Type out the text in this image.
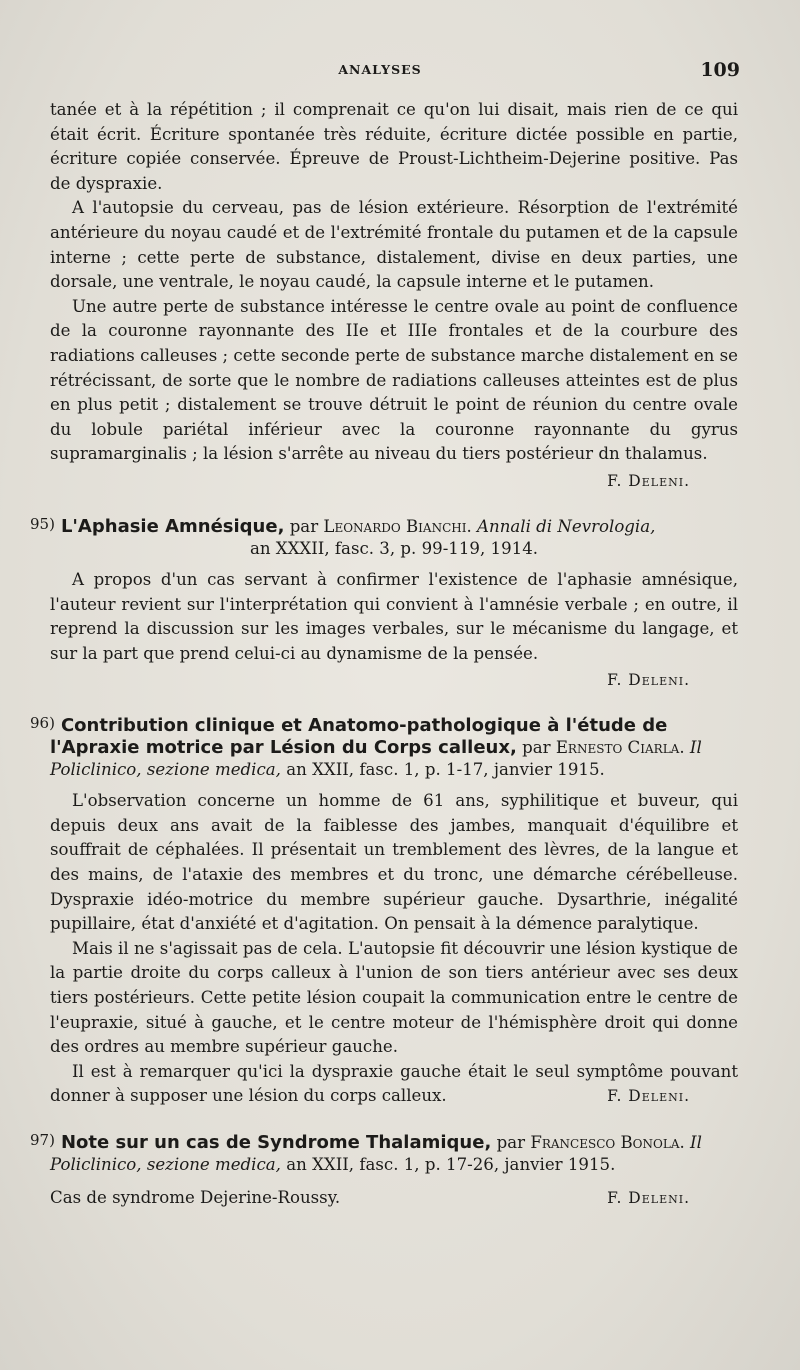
ANALYSES	109

tanée et à la répétition ; il comprenait ce qu'on lui disait, mais rien de ce qui était écrit. Écriture spontanée très réduite, écriture dictée possible en partie, écriture copiée conservée. Épreuve de Proust-Lichtheim-Dejerine positive. Pas de dyspraxie.

A l'autopsie du cerveau, pas de lésion extérieure. Résorption de l'extrémité antérieure du noyau caudé et de l'extrémité frontale du putamen et de la capsule interne ; cette perte de substance, distalement, divise en deux parties, une dorsale, une ventrale, le noyau caudé, la capsule interne et le putamen.

Une autre perte de substance intéresse le centre ovale au point de confluence de la couronne rayonnante des IIe et IIIe frontales et de la courbure des radiations calleuses ; cette seconde perte de substance marche distalement en se rétrécissant, de sorte que le nombre de radiations calleuses atteintes est de plus en plus petit ; distalement se trouve détruit le point de réunion du centre ovale du lobule pariétal inférieur avec la couronne rayonnante du gyrus supramarginalis ; la lésion s'arrête au niveau du tiers postérieur dn thalamus.

F. Deleni.
95) L'Aphasie Amnésique, par Leonardo Bianchi. Annali di Nevrologia,
an XXXII, fasc. 3, p. 99-119, 1914.

A propos d'un cas servant à confirmer l'existence de l'aphasie amnésique, l'auteur revient sur l'interprétation qui convient à l'amnésie verbale ; en outre, il reprend la discussion sur les images verbales, sur le mécanisme du langage, et sur la part que prend celui-ci au dynamisme de la pensée.

F. Deleni.
96) Contribution clinique et Anatomo-pathologique à l'étude de l'Apraxie motrice par Lésion du Corps calleux, par Ernesto Ciarla. Il Policlinico, sezione medica, an XXII, fasc. 1, p. 1-17, janvier 1915.

L'observation concerne un homme de 61 ans, syphilitique et buveur, qui depuis deux ans avait de la faiblesse des jambes, manquait d'équilibre et souffrait de céphalées. Il présentait un tremblement des lèvres, de la langue et des mains, de l'ataxie des membres et du tronc, une démarche cérébelleuse. Dyspraxie idéo-motrice du membre supérieur gauche. Dysarthrie, inégalité pupillaire, état d'anxiété et d'agitation. On pensait à la démence paralytique.

Mais il ne s'agissait pas de cela. L'autopsie fit découvrir une lésion kystique de la partie droite du corps calleux à l'union de son tiers antérieur avec ses deux tiers postérieurs. Cette petite lésion coupait la communication entre le centre de l'eupraxie, situé à gauche, et le centre moteur de l'hémisphère droit qui donne des ordres au membre supérieur gauche.

Il est à remarquer qu'ici la dyspraxie gauche était le seul symptôme pouvant donner à supposer une lésion du corps calleux.	F. Deleni.

97) Note sur un cas de Syndrome Thalamique, par Francesco Bonola. Il Policlinico, sezione medica, an XXII, fasc. 1, p. 17-26, janvier 1915.

Cas de syndrome Dejerine-Roussy.	F. Deleni.
